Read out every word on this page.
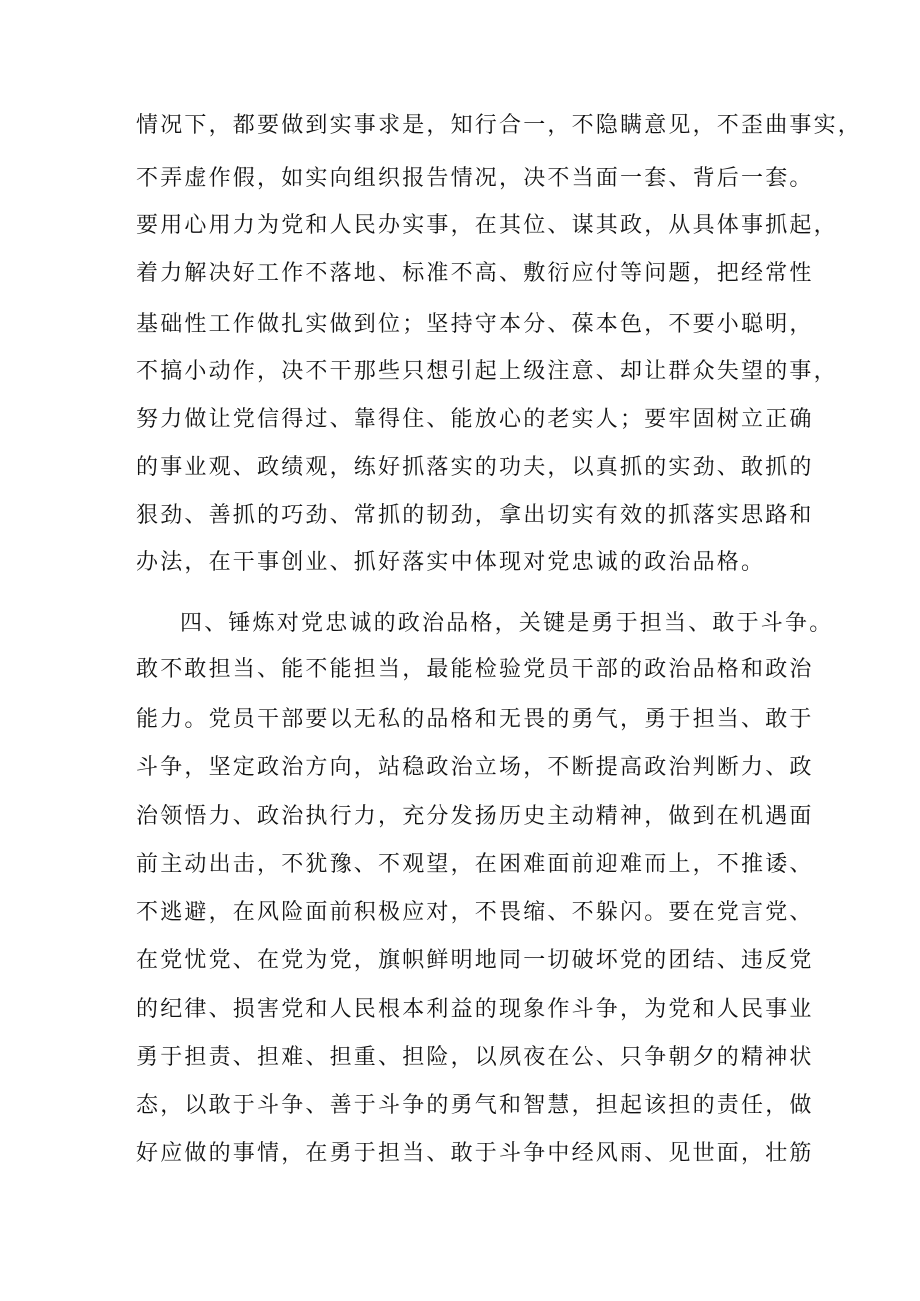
情况下，都要做到实事求是，知行合一，不隐瞒意见，不歪曲事实，
不弄虚作假，如实向组织报告情况，决不当面一套、背后一套。
要用心用力为党和人民办实事，在其位、谋其政，从具体事抓起，
着力解决好工作不落地、标准不高、敷衍应付等问题，把经常性
基础性工作做扎实做到位；坚持守本分、葆本色，不要小聪明，
不搞小动作，决不干那些只想引起上级注意、却让群众失望的事，
努力做让党信得过、靠得住、能放心的老实人；要牢固树立正确
的事业观、政绩观，练好抓落实的功夫，以真抓的实劲、敢抓的
狠劲、善抓的巧劲、常抓的韧劲，拿出切实有效的抓落实思路和
办法，在干事创业、抓好落实中体现对党忠诚的政治品格。
四、锤炼对党忠诚的政治品格，关键是勇于担当、敢于斗争。
敢不敢担当、能不能担当，最能检验党员干部的政治品格和政治
能力。党员干部要以无私的品格和无畏的勇气，勇于担当、敢于
斗争，坚定政治方向，站稳政治立场，不断提高政治判断力、政
治领悟力、政治执行力，充分发扬历史主动精神，做到在机遇面
前主动出击，不犹豫、不观望，在困难面前迎难而上，不推诿、
不逃避，在风险面前积极应对，不畏缩、不躲闪。要在党言党、
在党忧党、在党为党，旗帜鲜明地同一切破坏党的团结、违反党
的纪律、损害党和人民根本利益的现象作斗争，为党和人民事业
勇于担责、担难、担重、担险，以夙夜在公、只争朝夕的精神状
态，以敢于斗争、善于斗争的勇气和智慧，担起该担的责任，做
好应做的事情，在勇于担当、敢于斗争中经风雨、见世面，壮筋
